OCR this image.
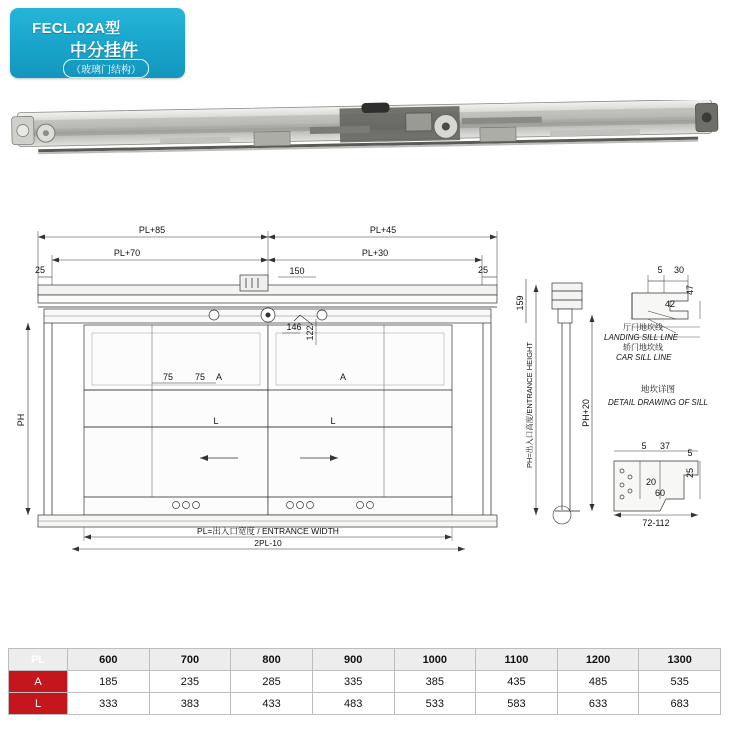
FECL.02A型
中分挂件
（玻璃门结构）
PL+85	PL+45
PL+70	PL+30
25	25
150
146
75 75 A	A
L	L
PL=出入口宽度 / ENTRANCE WIDTH
2PL-10
5 30
42
5 37
20
60
72-112
5
厅门地坎线
LANDING SILL LINE
轿门地坎线
CAR SILL LINE
地坎详图
DETAIL DRAWING OF SILL
PH	PH+20
PH=出入口高度/ENTRANCE HEIGHT
159
122
47
25
PL	600	700	800	900	1000	1100	1200	1300
A	185	235	285	335	385	435	485	535
L	333	383	433	483	533	583	633	683
